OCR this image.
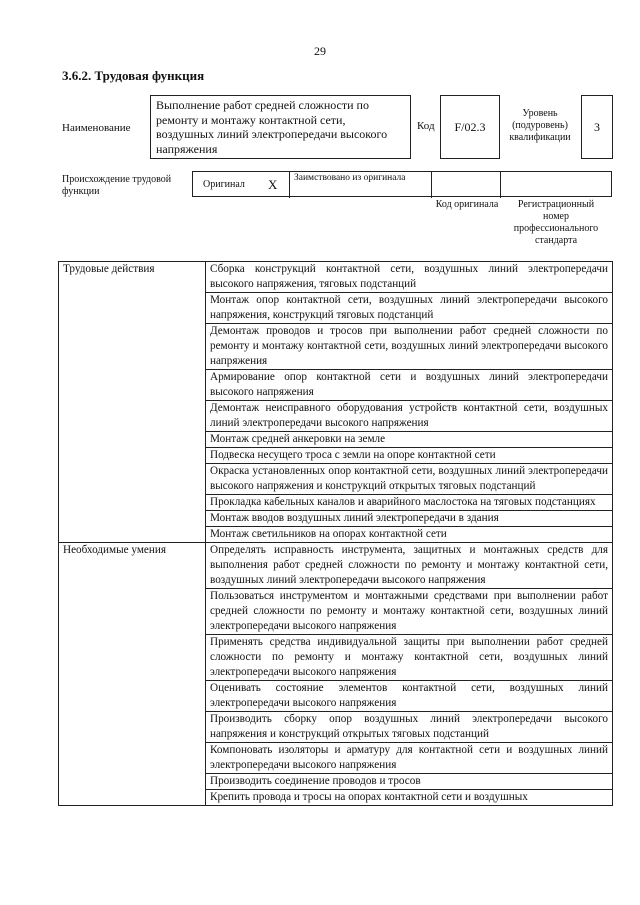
29
3.6.2. Трудовая функция
Наименование
Выполнение работ средней сложности по ремонту и монтажу контактной сети, воздушных линий электропередачи высокого напряжения
Код	F/02.3
Уровень (подуровень) квалификации
3
Происхождение трудовой функции
Оригинал X Заимствовано из оригинала
Код оригинала	Регистрационный номер профессионального стандарта
Трудовые действия	Сборка конструкций контактной сети, воздушных линий электропередачи высокого напряжения, тяговых подстанций
	Монтаж опор контактной сети, воздушных линий электропередачи высокого напряжения, конструкций тяговых подстанций
	Демонтаж проводов и тросов при выполнении работ средней сложности по ремонту и монтажу контактной сети, воздушных линий электропередачи высокого напряжения
	Армирование опор контактной сети и воздушных линий электропередачи высокого напряжения
	Демонтаж неисправного оборудования устройств контактной сети, воздушных линий электропередачи высокого напряжения
	Монтаж средней анкеровки на земле
	Подвеска несущего троса с земли на опоре контактной сети
	Окраска установленных опор контактной сети, воздушных линий электропередачи высокого напряжения и конструкций открытых тяговых подстанций
	Прокладка кабельных каналов и аварийного маслостока на тяговых подстанциях
	Монтаж вводов воздушных линий электропередачи в здания
	Монтаж светильников на опорах контактной сети
Необходимые умения	Определять исправность инструмента, защитных и монтажных средств для выполнения работ средней сложности по ремонту и монтажу контактной сети, воздушных линий электропередачи высокого напряжения
	Пользоваться инструментом и монтажными средствами при выполнении работ средней сложности по ремонту и монтажу контактной сети, воздушных линий электропередачи высокого напряжения
	Применять средства индивидуальной защиты при выполнении работ средней сложности по ремонту и монтажу контактной сети, воздушных линий электропередачи высокого напряжения
	Оценивать состояние элементов контактной сети, воздушных линий электропередачи высокого напряжения
	Производить сборку опор воздушных линий электропередачи высокого напряжения и конструкций открытых тяговых подстанций
	Компоновать изоляторы и арматуру для контактной сети и воздушных линий электропередачи высокого напряжения
	Производить соединение проводов и тросов
	Крепить провода и тросы на опорах контактной сети и воздушных
